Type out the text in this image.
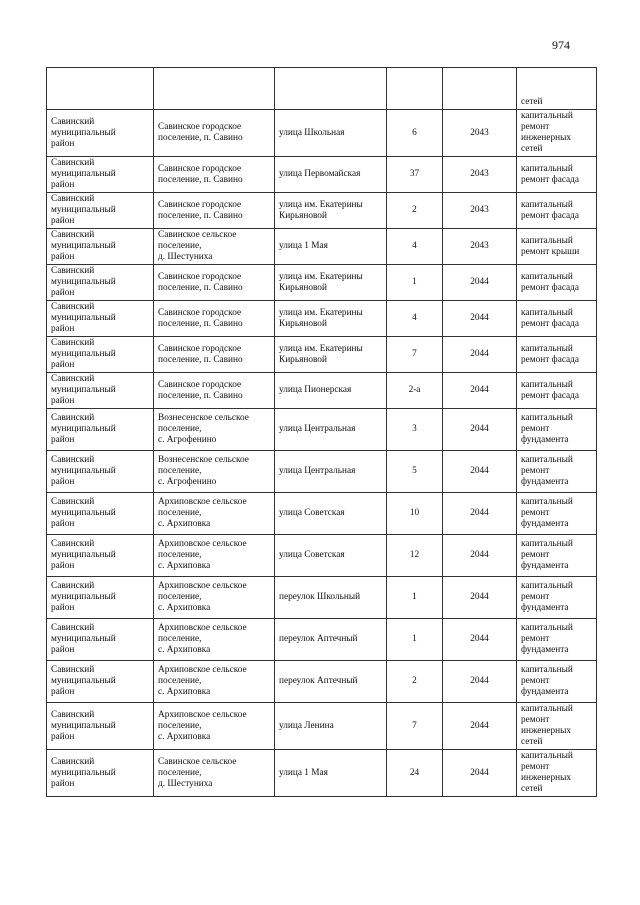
974

					сетей

Савинский
муниципальный
район	Савинское городское
поселение, п. Савино	улица Школьная	6	2043	капитальный
ремонт
инженерных
сетей

Савинский
муниципальный
район	Савинское городское
поселение, п. Савино	улица Первомайская	37	2043	капитальный
ремонт фасада

Савинский
муниципальный
район	Савинское городское
поселение, п. Савино	улица им. Екатерины
Кирьяновой	2	2043	капитальный
ремонт фасада

Савинский
муниципальный
район	Савинское сельское
поселение,
д. Шестуниха	улица 1 Мая	4	2043	капитальный
ремонт крыши

Савинский
муниципальный
район	Савинское городское
поселение, п. Савино	улица им. Екатерины
Кирьяновой	1	2044	капитальный
ремонт фасада

Савинский
муниципальный
район	Савинское городское
поселение, п. Савино	улица им. Екатерины
Кирьяновой	4	2044	капитальный
ремонт фасада

Савинский
муниципальный
район	Савинское городское
поселение, п. Савино	улица им. Екатерины
Кирьяновой	7	2044	капитальный
ремонт фасада

Савинский
муниципальный
район	Савинское городское
поселение, п. Савино	улица Пионерская	2-а	2044	капитальный
ремонт фасада

Савинский
муниципальный
район	Вознесенское сельское
поселение,
с. Агрофенино	улица Центральная	3	2044	капитальный
ремонт
фундамента

Савинский
муниципальный
район	Вознесенское сельское
поселение,
с. Агрофенино	улица Центральная	5	2044	капитальный
ремонт
фундамента

Савинский
муниципальный
район	Архиповское сельское
поселение,
с. Архиповка	улица Советская	10	2044	капитальный
ремонт
фундамента

Савинский
муниципальный
район	Архиповское сельское
поселение,
с. Архиповка	улица Советская	12	2044	капитальный
ремонт
фундамента

Савинский
муниципальный
район	Архиповское сельское
поселение,
с. Архиповка	переулок Школьный	1	2044	капитальный
ремонт
фундамента

Савинский
муниципальный
район	Архиповское сельское
поселение,
с. Архиповка	переулок Аптечный	1	2044	капитальный
ремонт
фундамента

Савинский
муниципальный
район	Архиповское сельское
поселение,
с. Архиповка	переулок Аптечный	2	2044	капитальный
ремонт
фундамента

Савинский
муниципальный
район	Архиповское сельское
поселение,
с. Архиповка	улица Ленина	7	2044	капитальный
ремонт
инженерных
сетей

Савинский
муниципальный
район	Савинское сельское
поселение,
д. Шестуниха	улица 1 Мая	24	2044	капитальный
ремонт
инженерных
сетей
